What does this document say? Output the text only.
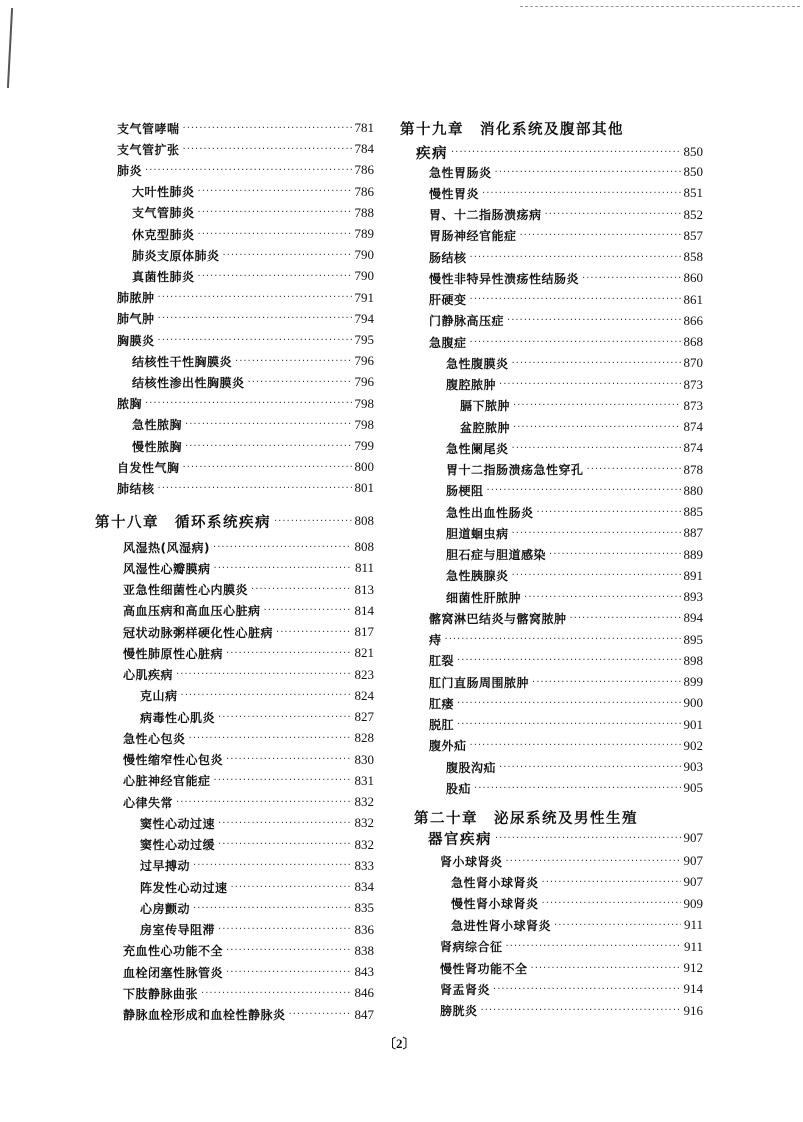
支气管哮喘 ·····	781
支气管扩张 ·····	784
肺炎 ·····	786
大叶性肺炎 ·····	786
支气管肺炎 ·····	788
休克型肺炎 ·····	789
肺炎支原体肺炎 ·····	790
真菌性肺炎 ·····	790
肺脓肿 ·····	791
肺气肿 ·····	794
胸膜炎 ·····	795
结核性干性胸膜炎 ·····	796
结核性渗出性胸膜炎 ·····	796
脓胸 ·····	798
急性脓胸 ·····	798
慢性脓胸 ·····	799
自发性气胸 ·····	800
肺结核 ·····	801
第十八章　循环系统疾病 ·····	808
风湿热(风湿病) ·····	808
风湿性心瓣膜病 ·····	811
亚急性细菌性心内膜炎 ·····	813
高血压病和高血压心脏病 ·····	814
冠状动脉粥样硬化性心脏病 ·····	817
慢性肺原性心脏病 ·····	821
心肌疾病 ·····	823
克山病 ·····	824
病毒性心肌炎 ·····	827
急性心包炎 ·····	828
慢性缩窄性心包炎 ·····	830
心脏神经官能症 ·····	831
心律失常 ·····	832
窦性心动过速 ·····	832
窦性心动过缓 ·····	832
过早搏动 ·····	833
阵发性心动过速 ·····	834
心房颤动 ·····	835
房室传导阻滞 ·····	836
充血性心功能不全 ·····	838
血栓闭塞性脉管炎 ·····	843
下肢静脉曲张 ·····	846
静脉血栓形成和血栓性静脉炎 ·····	847
第十九章　消化系统及腹部其他
疾病 ·····	850
急性胃肠炎 ·····	850
慢性胃炎 ·····	851
胃、十二指肠溃疡病 ·····	852
胃肠神经官能症 ·····	857
肠结核 ·····	858
慢性非特异性溃疡性结肠炎 ·····	860
肝硬变 ·····	861
门静脉高压症 ·····	866
急腹症 ·····	868
急性腹膜炎 ·····	870
腹腔脓肿 ·····	873
膈下脓肿 ·····	873
盆腔脓肿 ·····	874
急性阑尾炎 ·····	874
胃十二指肠溃疡急性穿孔 ·····	878
肠梗阻 ·····	880
急性出血性肠炎 ·····	885
胆道蛔虫病 ·····	887
胆石症与胆道感染 ·····	889
急性胰腺炎 ·····	891
细菌性肝脓肿 ·····	893
髂窝淋巴结炎与髂窝脓肿 ·····	894
痔 ·····	895
肛裂 ·····	898
肛门直肠周围脓肿 ·····	899
肛瘘 ·····	900
脱肛 ·····	901
腹外疝 ·····	902
腹股沟疝 ·····	903
股疝 ·····	905
第二十章　泌尿系统及男性生殖
器官疾病 ·····	907
肾小球肾炎 ·····	907
急性肾小球肾炎 ·····	907
慢性肾小球肾炎 ·····	909
急进性肾小球肾炎 ·····	911
肾病综合征 ·····	911
慢性肾功能不全 ·····	912
肾盂肾炎 ·····	914
膀胱炎 ·····	916
〔2〕
